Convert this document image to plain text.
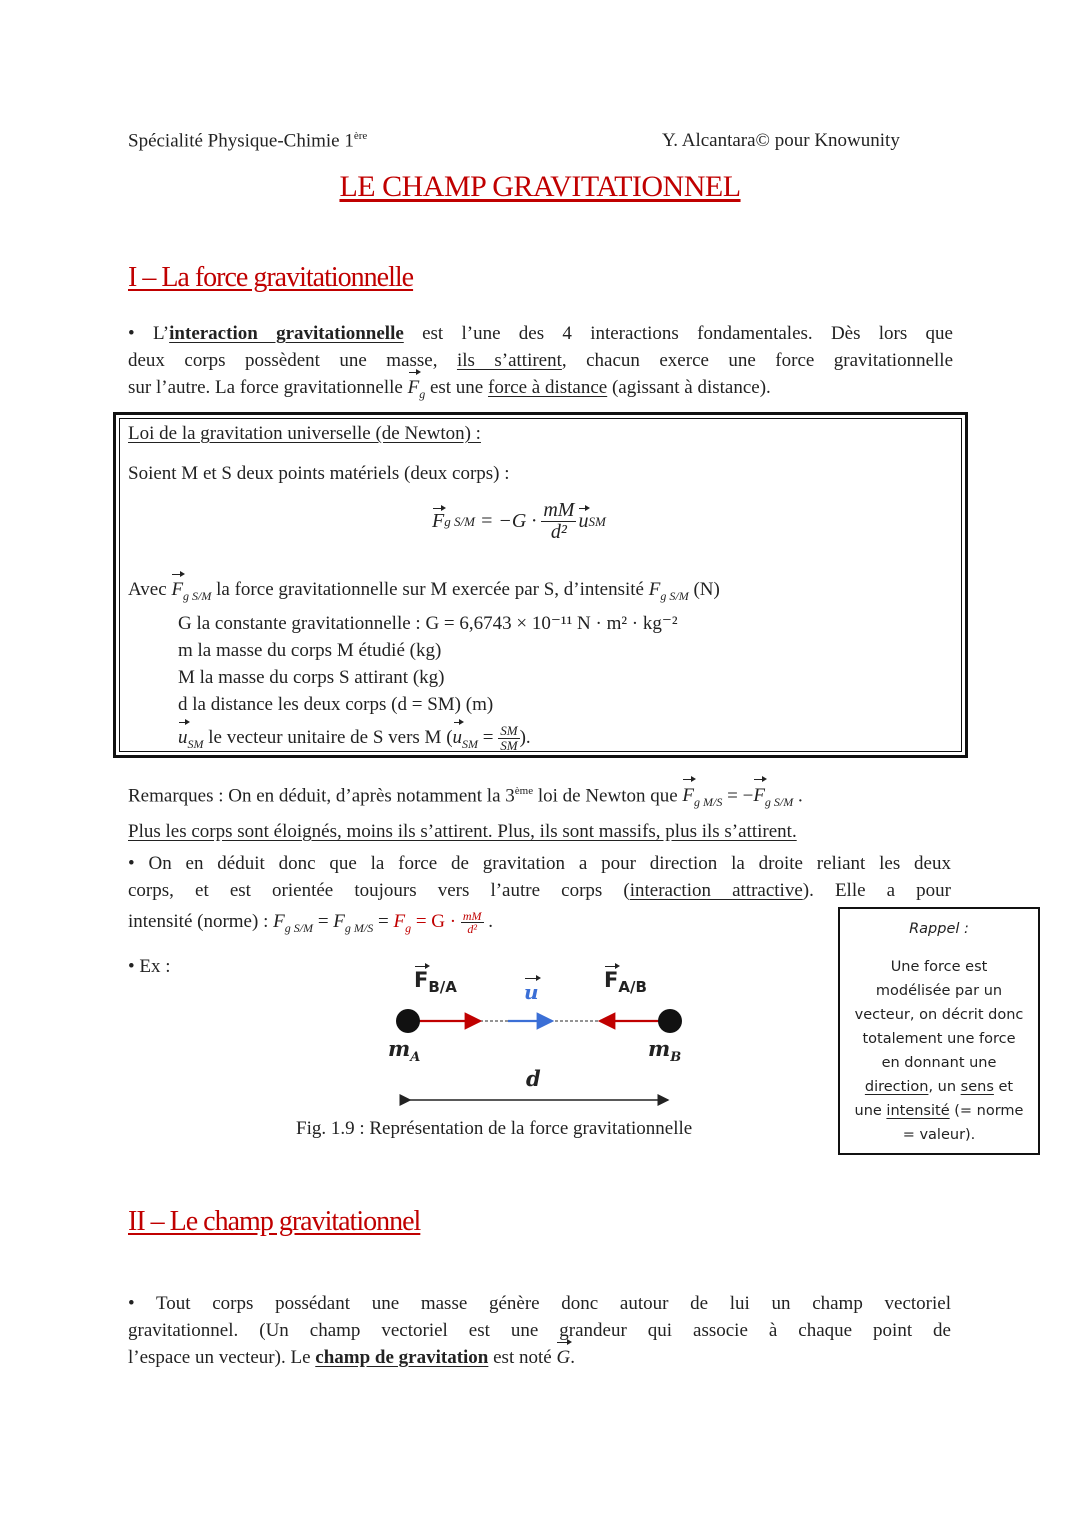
Spécialité Physique-Chimie 1ère	Y. Alcantara© pour Knowunity
LE CHAMP GRAVITATIONNEL
I – La force gravitationnelle

• L’interaction gravitationnelle est l’une des 4 interactions fondamentales. Dès lors que

deux corps possèdent une masse, ils s’attirent, chacun exerce une force gravitationnelle

sur l’autre. La force gravitationnelle $F_g$ est une force à distance (agissant à distance).

Loi de la gravitation universelle (de Newton) :
Soient M et S deux points matériels (deux corps) :
F g $S/M = -G \cdot \frac{mM}{\text{d²}}$ u SM

Avec $F_{g S/M}$ la force gravitationnelle sur M exercée par S, d’intensité $F_{g S/M}$ (N)

G la constante gravitationnelle : G = 6,6743 × 10⁻¹¹ N · m² · kg⁻²

m la masse du corps M étudié (kg)

M la masse du corps S attirant (kg)

d la distance les deux corps (d = SM) (m)

$u_{SM}$ le vecteur unitaire de S vers M ($u_{SM} = \frac{SM}{SM}$ ).

Remarques : On en déduit, d’après notamment la 3ème loi de Newton que $F_{g M/S} = -F_{g S/M}$ .

Plus les corps sont éloignés, moins ils s’attirent. Plus, ils sont massifs, plus ils s’attirent.

• On en déduit donc que la force de gravitation a pour direction la droite reliant les deux

corps, et est orientée toujours vers l’autre corps (interaction attractive). Elle a pour

intensité (norme) : $F_{g S/M} = F_{g M/S} = F_g = G \cdot \frac{mM}{\text{d²}}$ .

• Ex :
$F_{B/A}$	u	$F_{A/B}$
$m_A$	$m_B$
d
Fig. 1.9 : Représentation de la force gravitationnelle
Rappel :
Une force est
modélisée par un
vecteur, on décrit donc
totalement une force
en donnant une
direction, un sens et
une intensité (= norme
= valeur).
II – Le champ gravitationnel

• Tout corps possédant une masse génère donc autour de lui un champ vectoriel

gravitationnel. (Un champ vectoriel est une grandeur qui associe à chaque point de

l’espace un vecteur). Le champ de gravitation est noté G.
